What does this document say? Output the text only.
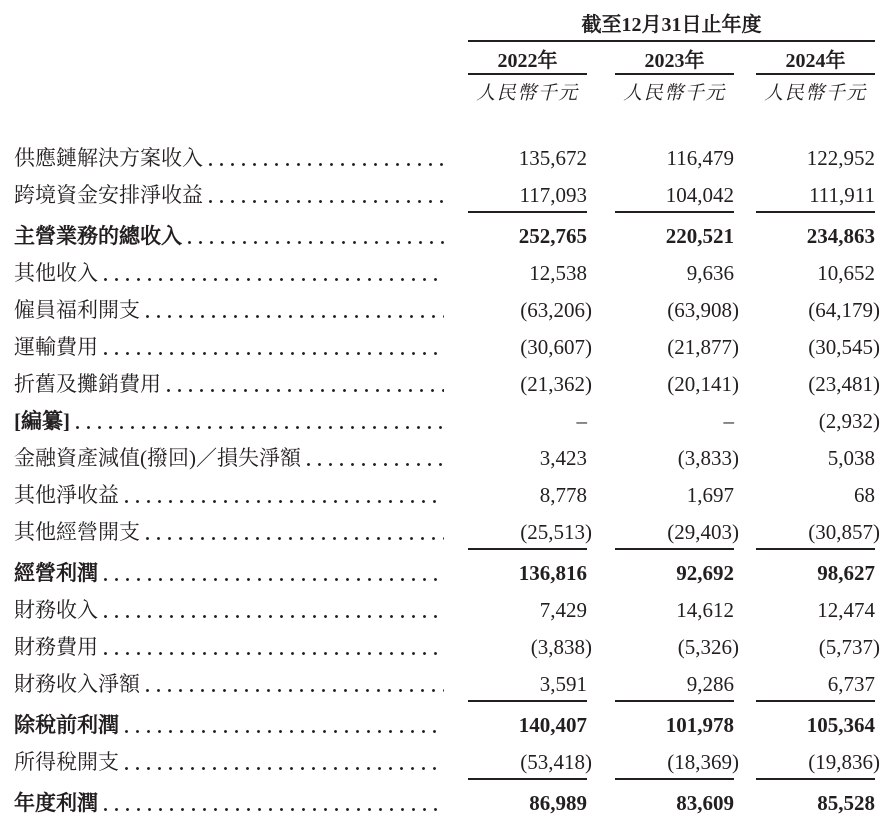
截至12月31日止年度
2022年	2023年	2024年
人民幣千元	人民幣千元	人民幣千元
供應鏈解決方案收入	135,672	116,479	122,952
跨境資金安排淨收益	117,093	104,042	111,911
主營業務的總收入	252,765	220,521	234,863
其他收入	12,538	9,636	10,652
僱員福利開支	(63,206)	(63,908)	(64,179)
運輸費用	(30,607)	(21,877)	(30,545)
折舊及攤銷費用	(21,362)	(20,141)	(23,481)
[編纂]	–	–	(2,932)
金融資產減值(撥回)／損失淨額	3,423	(3,833)	5,038
其他淨收益	8,778	1,697	68
其他經營開支	(25,513)	(29,403)	(30,857)
經營利潤	136,816	92,692	98,627
財務收入	7,429	14,612	12,474
財務費用	(3,838)	(5,326)	(5,737)
財務收入淨額	3,591	9,286	6,737
除稅前利潤	140,407	101,978	105,364
所得稅開支	(53,418)	(18,369)	(19,836)
年度利潤	86,989	83,609	85,528
